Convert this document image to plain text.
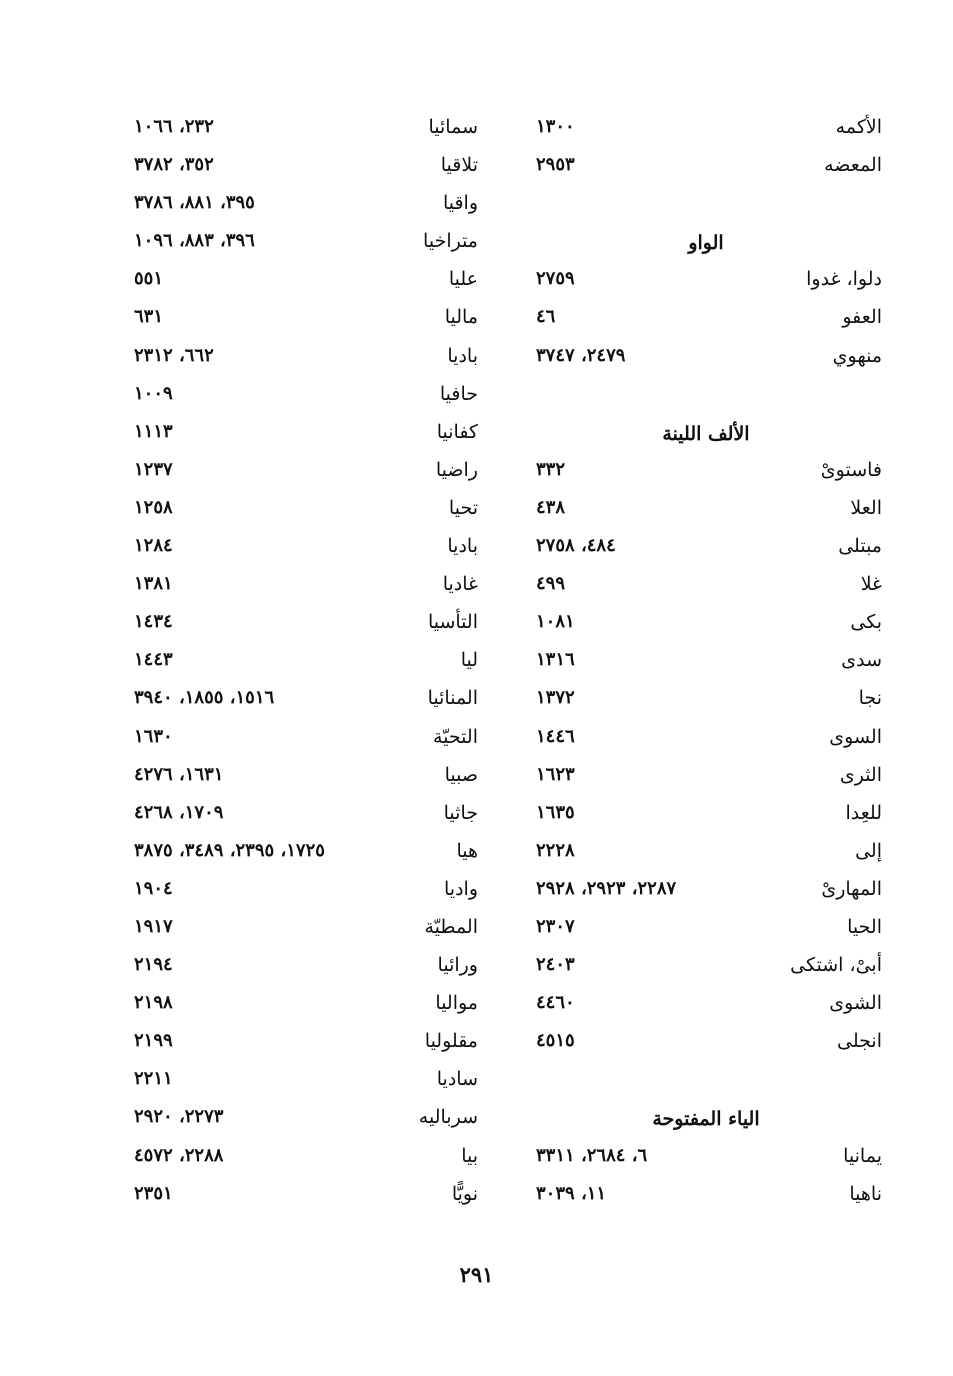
الأكمه
١٣٠٠
المعضه
٢٩٥٣
الواو
دلوا، غدوا
٢٧٥٩
العفو
٤٦
منهوي
٢٤٧٩، ٣٧٤٧
الألف اللينة
فاستوىْ
٣٣٢
العلا
٤٣٨
مبتلى
٤٨٤، ٢٧٥٨
غلا
٤٩٩
بكى
١٠٨١
سدى
١٣١٦
نجا
١٣٧٢
السوى
١٤٤٦
الثرى
١٦٢٣
للعِدا
١٦٣٥
إلى
٢٢٢٨
المهارىْ
٢٢٨٧، ٢٩٢٣، ٢٩٢٨
الحيا
٢٣٠٧
أبىْ، اشتكى
٢٤٠٣
الشوى
٤٤٦٠
انجلى
٤٥١٥
الياء المفتوحة
يمانيا
٦، ٢٦٨٤، ٣٣١١
ناهيا
١١، ٣٠٣٩
سمائيا
٢٣٢، ١٠٦٦
تلاقيا
٣٥٢، ٣٧٨٢
واقيا
٣٩٥، ٨٨١، ٣٧٨٦
متراخيا
٣٩٦، ٨٨٣، ١٠٩٦
عليا
٥٥١
ماليا
٦٣١
باديا
٦٦٢، ٢٣١٢
حافيا
١٠٠٩
كفانيا
١١١٣
راضيا
١٢٣٧
تحيا
١٢٥٨
باديا
١٢٨٤
غاديا
١٣٨١
التأسيا
١٤٣٤
ليا
١٤٤٣
المنائيا
١٥١٦، ١٨٥٥، ٣٩٤٠
التحيّة
١٦٣٠
صبيا
١٦٣١، ٤٢٧٦
جاثيا
١٧٠٩، ٤٢٦٨
هيا
١٧٢٥، ٢٣٩٥، ٣٤٨٩، ٣٨٧٥
واديا
١٩٠٤
المطيّة
١٩١٧
ورائيا
٢١٩٤
مواليا
٢١٩٨
مقلوليا
٢١٩٩
ساديا
٢٢١١
سرباليه
٢٢٧٣، ٢٩٢٠
بيا
٢٢٨٨، ٤٥٧٢
نويًّا
٢٣٥١
٢٩١
